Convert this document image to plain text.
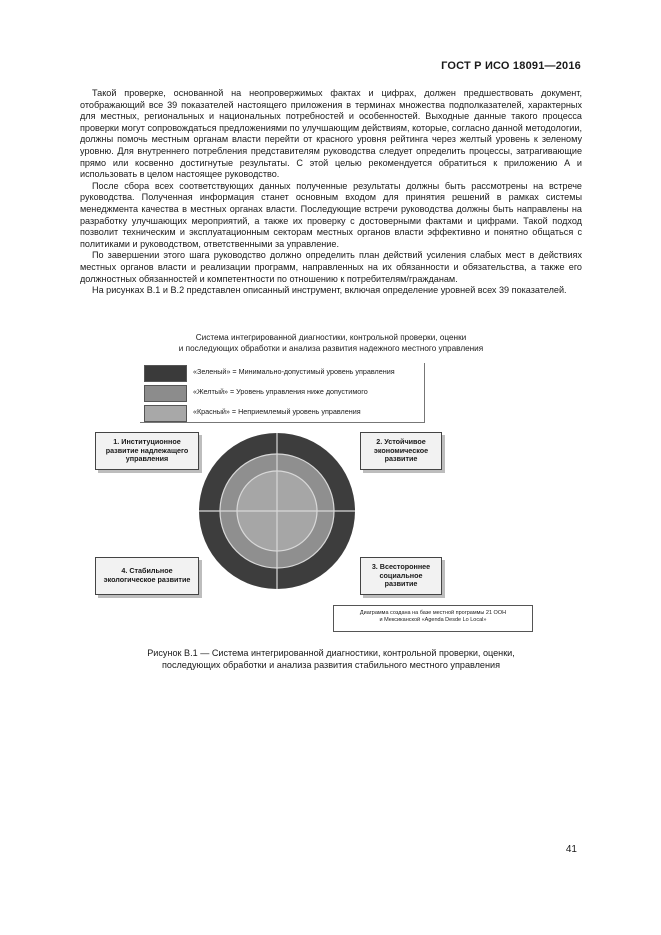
ГОСТ Р ИСО 18091—2016

Такой проверке, основанной на неопровержимых фактах и цифрах, должен предшествовать документ, отображающий все 39 показателей настоящего приложения в терминах множества подполказателей, характерных для местных, региональных и национальных потребностей и особенностей. Выходные данные такого процесса проверки могут сопровождаться предложениями по улучшающим действиям, которые, согласно данной методологии, должны помочь местным органам власти перейти от красного уровня рейтинга через желтый уровень к зеленому уровню. Для внутреннего потребления представителям руководства следует определить процессы, затрагивающие прямо или косвенно достигнутые результаты. С этой целью рекомендуется обратиться к приложению А и использовать в целом настоящее руководство.

После сбора всех соответствующих данных полученные результаты должны быть рассмотрены на встрече руководства. Полученная информация станет основным входом для принятия решений в рамках системы менеджмента качества в местных органах власти. Последующие встречи руководства должны быть направлены на разработку улучшающих мероприятий, а также их проверку с достоверными фактами и цифрами. Такой подход позволит техническим и эксплуатационным секторам местных органов власти эффективно и понятно общаться с политиками и руководством, ответственными за управление.

По завершении этого шага руководство должно определить план действий усиления слабых мест в действиях местных органов власти и реализации программ, направленных на их обязанности и обязательства, а также его должностных обязанностей и компетентности по отношению к потребителям/гражданам.

На рисунках В.1 и В.2 представлен описанный инструмент, включая определение уровней всех 39 показателей.

Система интегрированной диагностики, контрольной проверки, оценки
и последующих обработки и анализа развития надежного местного управления
«Зеленый» = Минимально-допустимый уровень управления
«Желтый» = Уровень управления ниже допустимого
«Красный» = Неприемлемый уровень управления
1. Институционное развитие надлежащего управления
2. Устойчивое экономическое развитие
4. Стабильное экологическое развитие
3. Всестороннее социальное развитие
Диаграмма создана на базе местной программы 21 ООН
и Мексиканской «Agenda Desde Lo Local»
Рисунок В.1 — Система интегрированной диагностики, контрольной проверки, оценки,
последующих обработки и анализа развития стабильного местного управления
41
